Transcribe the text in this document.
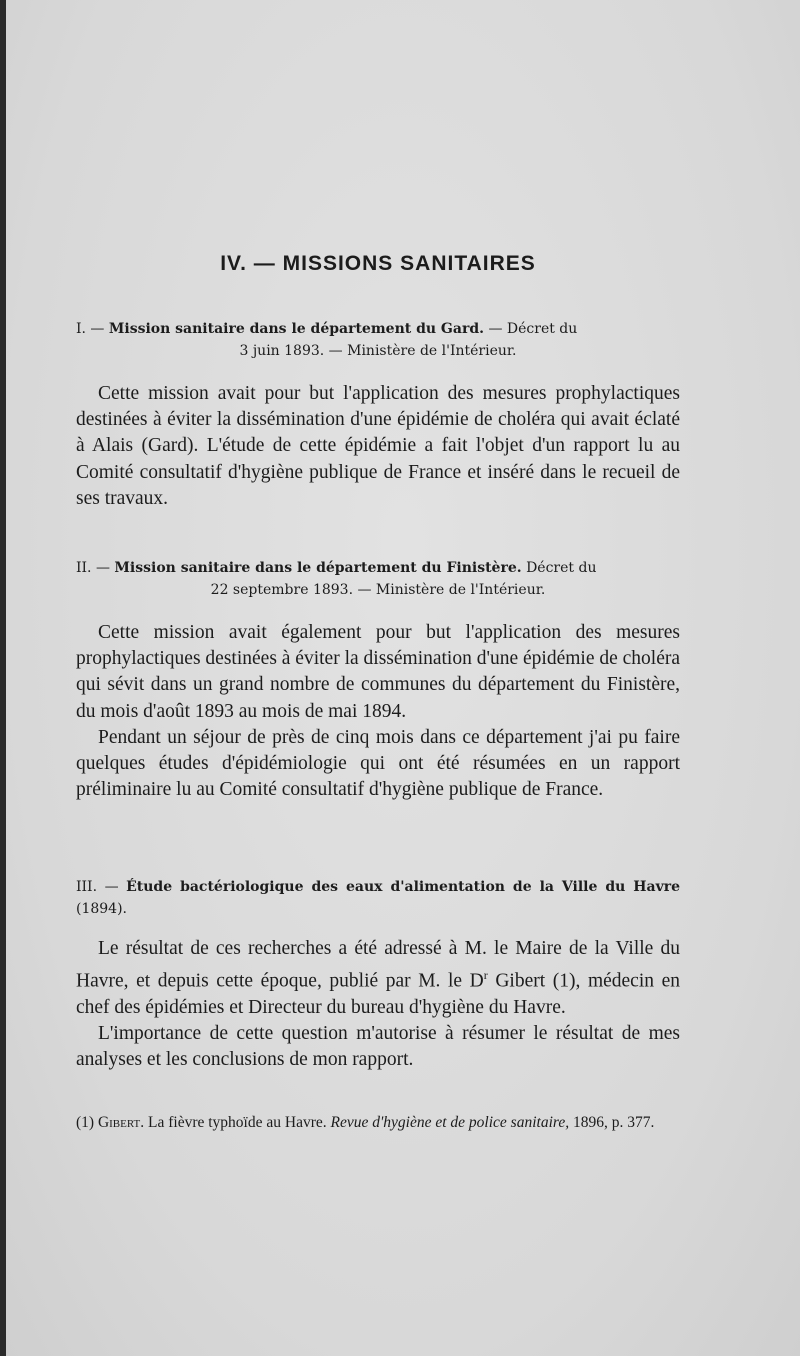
IV. — MISSIONS SANITAIRES
I. — Mission sanitaire dans le département du Gard. — Décret du
3 juin 1893. — Ministère de l'Intérieur.

Cette mission avait pour but l'application des mesures prophylactiques destinées à éviter la dissémination d'une épidémie de choléra qui avait éclaté à Alais (Gard). L'étude de cette épidémie a fait l'objet d'un rapport lu au Comité consultatif d'hygiène publique de France et inséré dans le recueil de ses travaux.

II. — Mission sanitaire dans le département du Finistère. Décret du
22 septembre 1893. — Ministère de l'Intérieur.

Cette mission avait également pour but l'application des mesures prophylactiques destinées à éviter la dissémination d'une épidémie de choléra qui sévit dans un grand nombre de communes du département du Finistère, du mois d'août 1893 au mois de mai 1894.

Pendant un séjour de près de cinq mois dans ce département j'ai pu faire quelques études d'épidémiologie qui ont été résumées en un rapport préliminaire lu au Comité consultatif d'hygiène publique de France.

III. — Étude bactériologique des eaux d'alimentation de la Ville du Havre (1894).

Le résultat de ces recherches a été adressé à M. le Maire de la Ville du Havre, et depuis cette époque, publié par M. le $D^r$ Gibert (1), médecin en chef des épidémies et Directeur du bureau d'hygiène du Havre.

L'importance de cette question m'autorise à résumer le résultat de mes analyses et les conclusions de mon rapport.

(1) Gibert. La fièvre typhoïde au Havre. Revue d'hygiène et de police sanitaire, 1896, p. 377.
